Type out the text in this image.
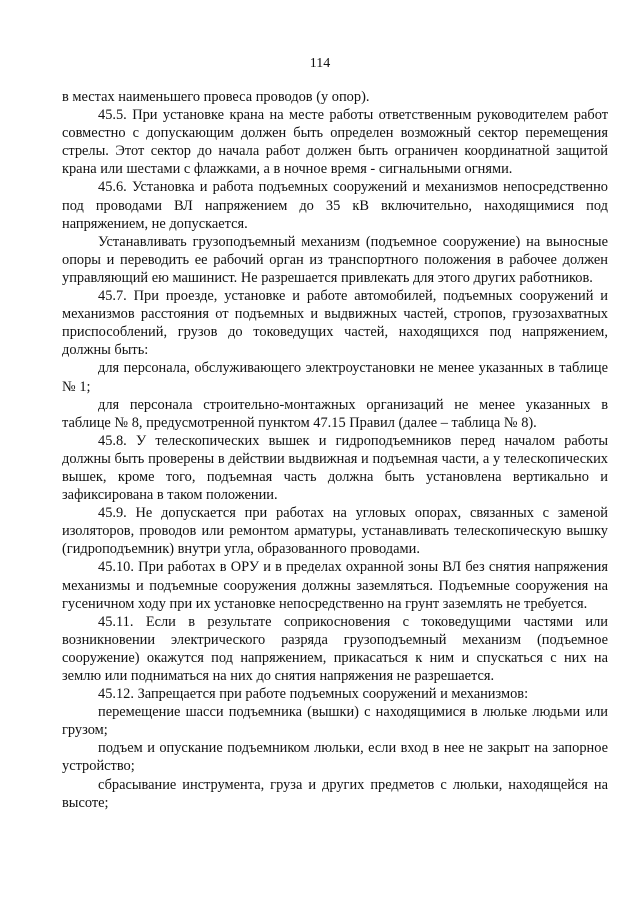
114

в местах наименьшего провеса проводов (у опор).

45.5. При установке крана на месте работы ответственным руководителем работ совместно с допускающим должен быть определен возможный сектор перемещения стрелы. Этот сектор до начала работ должен быть ограничен координатной защитой крана или шестами с флажками, а в ночное время - сигнальными огнями.

45.6. Установка и работа подъемных сооружений и механизмов непосредственно под проводами ВЛ напряжением до 35 кВ включительно, находящимися под напряжением, не допускается.

Устанавливать грузоподъемный механизм (подъемное сооружение) на выносные опоры и переводить ее рабочий орган из транспортного положения в рабочее должен управляющий ею машинист. Не разрешается привлекать для этого других работников.

45.7. При проезде, установке и работе автомобилей, подъемных сооружений и механизмов расстояния от подъемных и выдвижных частей, стропов, грузозахватных приспособлений, грузов до токоведущих частей, находящихся под напряжением, должны быть:

для персонала, обслуживающего электроустановки не менее указанных в таблице № 1;

для персонала строительно-монтажных организаций не менее указанных в таблице № 8, предусмотренной пунктом 47.15 Правил (далее – таблица № 8).

45.8. У телескопических вышек и гидроподъемников перед началом работы должны быть проверены в действии выдвижная и подъемная части, а у телескопических вышек, кроме того, подъемная часть должна быть установлена вертикально и зафиксирована в таком положении.

45.9. Не допускается при работах на угловых опорах, связанных с заменой изоляторов, проводов или ремонтом арматуры, устанавливать телескопическую вышку (гидроподъемник) внутри угла, образованного проводами.

45.10. При работах в ОРУ и в пределах охранной зоны ВЛ без снятия напряжения механизмы и подъемные сооружения должны заземляться. Подъемные сооружения на гусеничном ходу при их установке непосредственно на грунт заземлять не требуется.

45.11. Если в результате соприкосновения с токоведущими частями или возникновении электрического разряда грузоподъемный механизм (подъемное сооружение) окажутся под напряжением, прикасаться к ним и спускаться с них на землю или подниматься на них до снятия напряжения не разрешается.

45.12. Запрещается при работе подъемных сооружений и механизмов:

перемещение шасси подъемника (вышки) с находящимися в люльке людьми или грузом;

подъем и опускание подъемником люльки, если вход в нее не закрыт на запорное устройство;

сбрасывание инструмента, груза и других предметов с люльки, находящейся на высоте;
